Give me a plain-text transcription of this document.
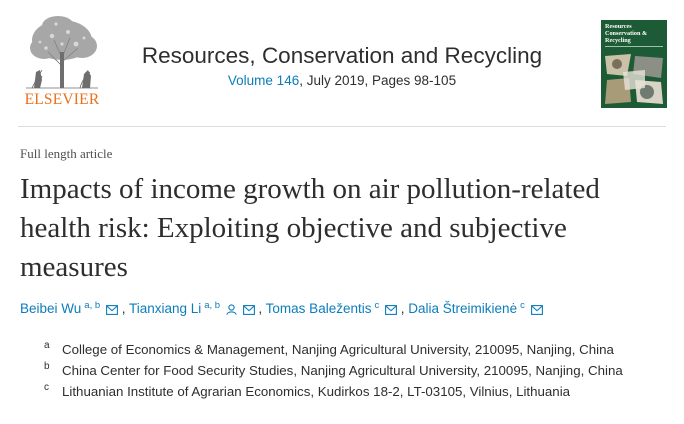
ELSEVIER
Resources, Conservation and Recycling
Volume 146, July 2019, Pages 98-105
Resources
Conservation &
Recycling
Full length article
Impacts of income growth on air pollution-related health risk: Exploiting objective and subjective measures
Beibei Wu $^{a, b}$ , Tianxiang Li $^{a, b}$	, Tomas Baležentis $^c$ , Dalia Štreimikienė $^c$
a College of Economics & Management, Nanjing Agricultural University, 210095, Nanjing, China
b China Center for Food Security Studies, Nanjing Agricultural University, 210095, Nanjing, China
c Lithuanian Institute of Agrarian Economics, Kudirkos 18-2, LT-03105, Vilnius, Lithuania
